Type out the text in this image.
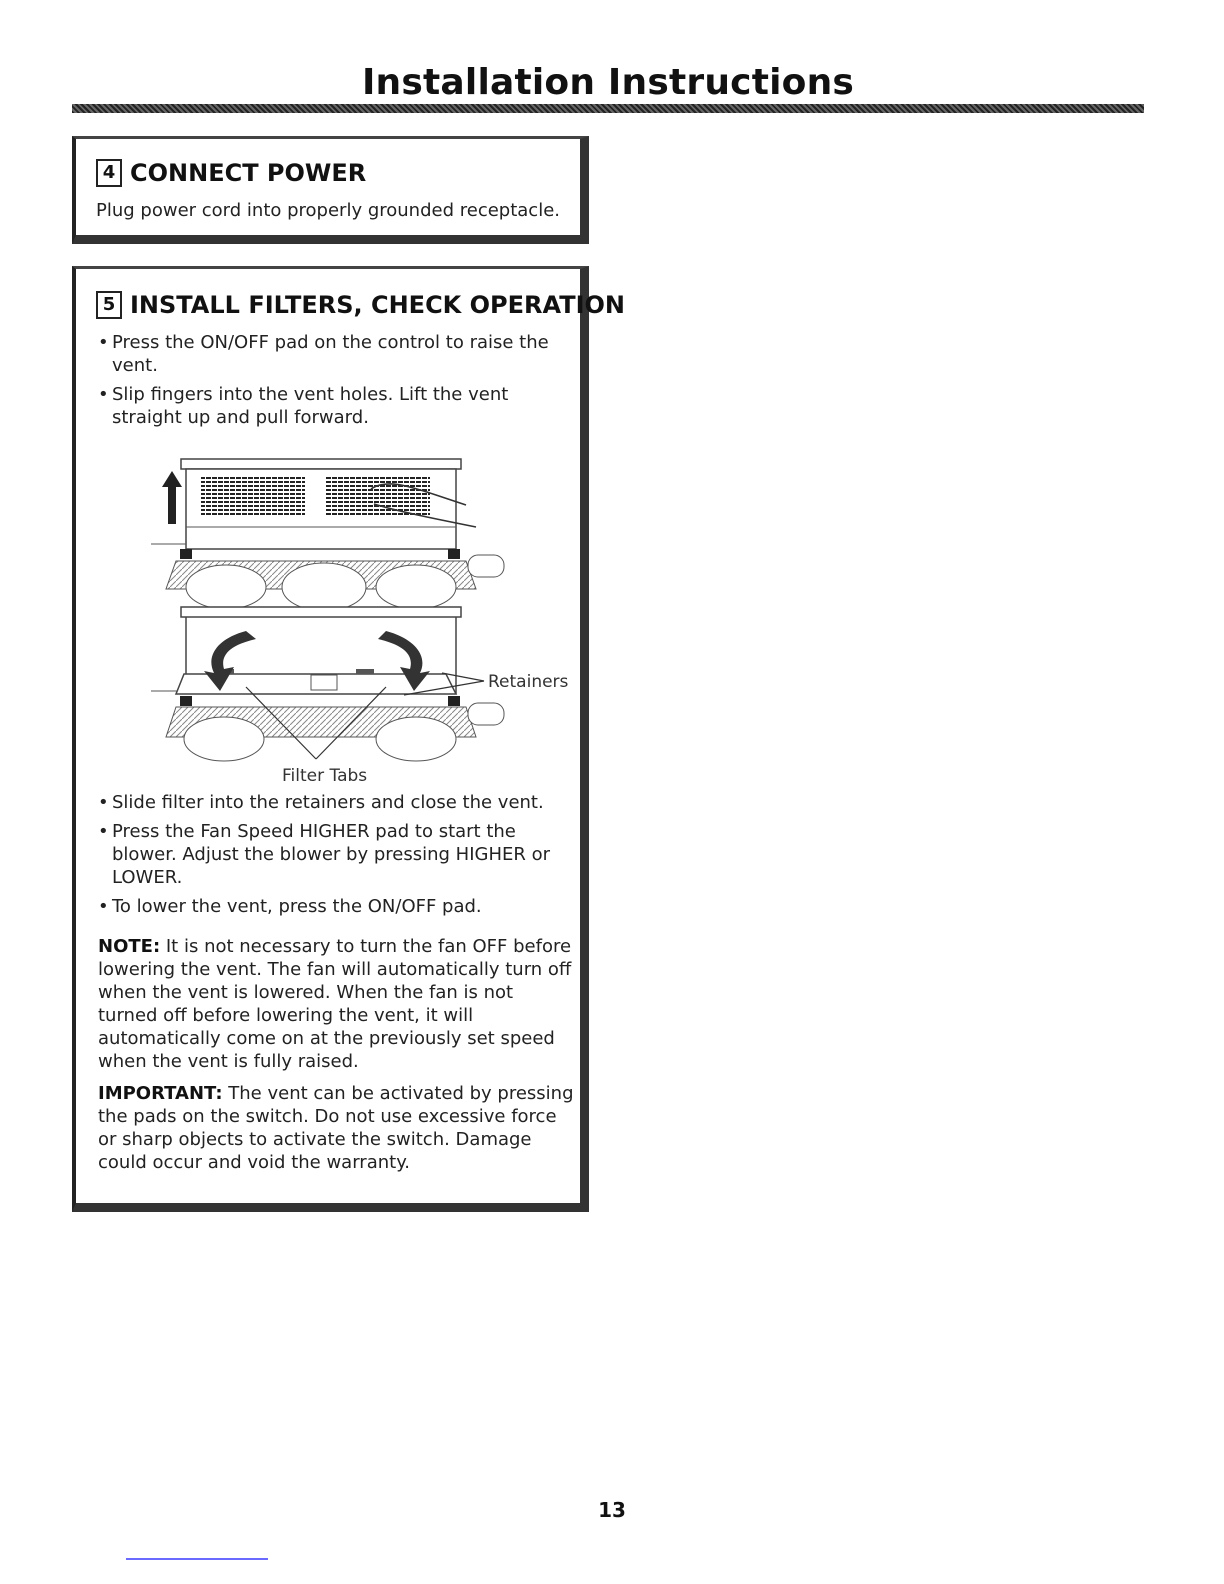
Installation Instructions
4 CONNECT POWER
Plug power cord into properly grounded receptacle.
5 INSTALL FILTERS, CHECK OPERATION
• Press the ON/OFF pad on the control to raise the vent.
• Slip fingers into the vent holes. Lift the vent straight up and pull forward.
Retainers
Filter Tabs
• Slide filter into the retainers and close the vent.
• Press the Fan Speed HIGHER pad to start the blower. Adjust the blower by pressing HIGHER or LOWER.
• To lower the vent, press the ON/OFF pad.

NOTE: It is not necessary to turn the fan OFF before lowering the vent. The fan will automatically turn off when the vent is lowered. When the fan is not turned off before lowering the vent, it will automatically come on at the previously set speed when the vent is fully raised.

IMPORTANT: The vent can be activated by pressing the pads on the switch. Do not use excessive force or sharp objects to activate the switch. Damage could occur and void the warranty.

13
